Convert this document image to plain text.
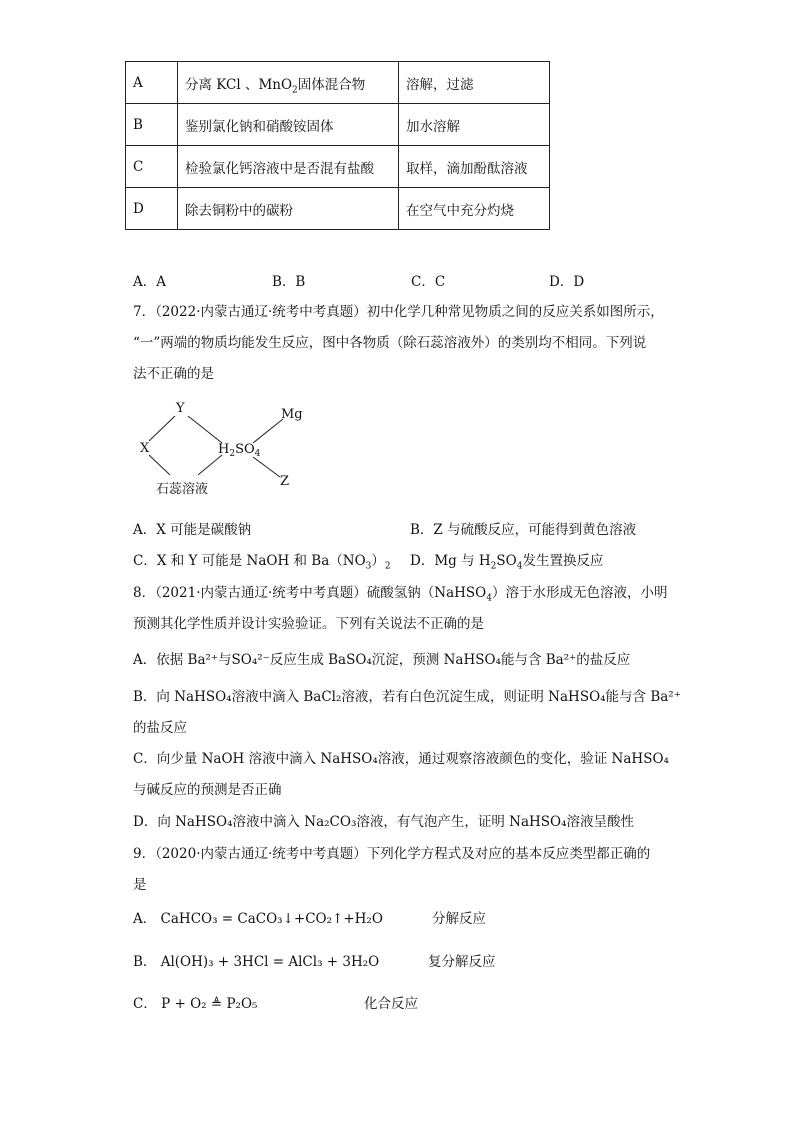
A	分离 KCl 、MnO$_2$固体混合物	溶解，过滤
B	鉴别氯化钠和硝酸铵固体	加水溶解
C	检验氯化钙溶液中是否混有盐酸	取样，滴加酚酞溶液
D	除去铜粉中的碳粉	在空气中充分灼烧
A．A	B．B	C．C	D．D
7．（2022·内蒙古通辽·统考中考真题）初中化学几种常见物质之间的反应关系如图所示，
“一”两端的物质均能发生反应，图中各物质（除石蕊溶液外）的类别均不相同。下列说
法不正确的是
Y	Mg
X	$H_2SO_4$
Z
石蕊溶液
A．X 可能是碳酸钠	B．Z 与硫酸反应，可能得到黄色溶液
C．X 和 Y 可能是 NaOH 和 $Ba(NO_3)_2$ D．Mg 与 $H_2SO_4$发生置换反应
8．（2021·内蒙古通辽·统考中考真题）硫酸氢钠（NaHSO$_4$）溶于水形成无色溶液，小明
预测其化学性质并设计实验验证。下列有关说法不正确的是
A．依据 Ba²⁺与SO₄²⁻反应生成 BaSO₄沉淀，预测 NaHSO₄能与含 Ba²⁺的盐反应
B．向 NaHSO₄溶液中滴入 BaCl₂溶液，若有白色沉淀生成，则证明 NaHSO₄能与含 Ba²⁺
的盐反应
C．向少量 NaOH 溶液中滴入 NaHSO₄溶液，通过观察溶液颜色的变化，验证 NaHSO₄
与碱反应的预测是否正确
D．向 NaHSO₄溶液中滴入 Na₂CO₃溶液，有气泡产生，证明 NaHSO₄溶液呈酸性
9．（2020·内蒙古通辽·统考中考真题）下列化学方程式及对应的基本反应类型都正确的
是
A． CaHCO₃ = CaCO₃↓+CO₂↑+H₂O	分解反应
B． Al(OH)₃ + 3HCl = AlCl₃ + 3H₂O	复分解反应
C． P + O₂ ≜ P₂O₅	化合反应
